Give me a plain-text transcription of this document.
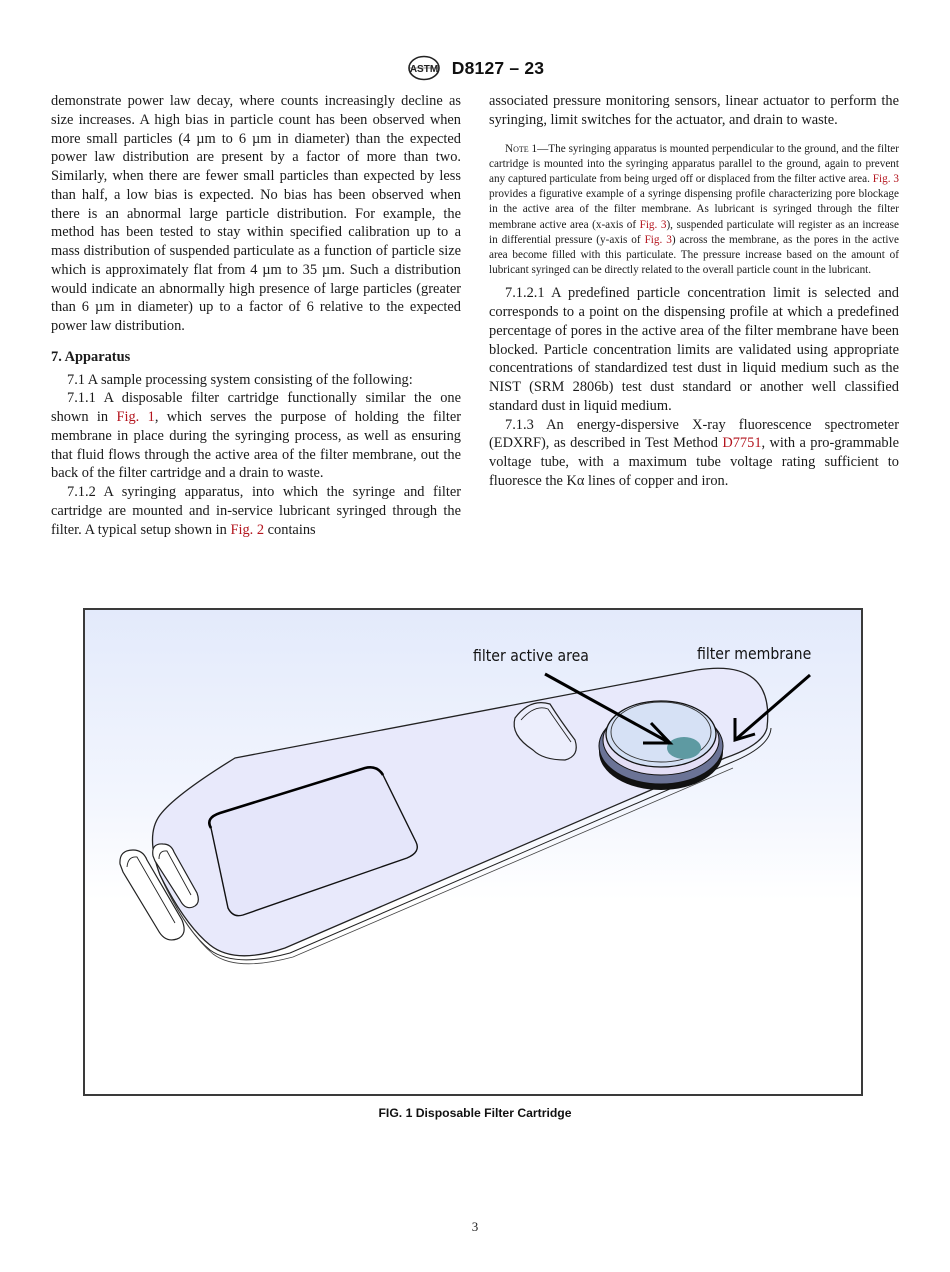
ASTM D8127 – 23

demonstrate power law decay, where counts increasingly decline as size increases. A high bias in particle count has been observed when more small particles (4 µm to 6 µm in diameter) than the expected power law distribution are present by a factor of more than two. Similarly, when there are fewer small particles than expected by less than half, a low bias is expected. No bias has been observed when there is an abnormal large particle distribution. For example, the method has been tested to stay within specified calibration up to a mass distribution of suspended particulate as a function of particle size which is approximately flat from 4 µm to 35 µm. Such a distribution would indicate an abnormally high presence of large particles (greater than 6 µm in diameter) up to a factor of 6 relative to the expected power law distribution.

7. Apparatus

7.1 A sample processing system consisting of the following:

7.1.1 A disposable filter cartridge functionally similar the one shown in Fig. 1, which serves the purpose of holding the filter membrane in place during the syringing process, as well as ensuring that fluid flows through the active area of the filter membrane, out the back of the filter cartridge and a drain to waste.

7.1.2 A syringing apparatus, into which the syringe and filter cartridge are mounted and in-service lubricant syringed through the filter. A typical setup shown in Fig. 2 contains

associated pressure monitoring sensors, linear actuator to perform the syringing, limit switches for the actuator, and drain to waste.

Note 1—The syringing apparatus is mounted perpendicular to the ground, and the filter cartridge is mounted into the syringing apparatus parallel to the ground, again to prevent any captured particulate from being urged off or displaced from the filter active area. Fig. 3 provides a figurative example of a syringe dispensing profile characterizing pore blockage in the active area of the filter membrane. As lubricant is syringed through the filter membrane active area (x-axis of Fig. 3), suspended particulate will register as an increase in differential pressure (y-axis of Fig. 3) across the membrane, as the pores in the active area become filled with this particulate. The pressure increase based on the amount of lubricant syringed can be directly related to the overall particle count in the lubricant.

7.1.2.1 A predefined particle concentration limit is selected and corresponds to a point on the dispensing profile at which a predefined percentage of pores in the active area of the filter membrane have been blocked. Particle concentration limits are validated using appropriate concentrations of standardized test dust in liquid medium such as the NIST (SRM 2806b) test dust standard or another well classified standard dust in liquid medium.

7.1.3 An energy-dispersive X-ray fluorescence spectrometer (EDXRF), as described in Test Method D7751, with a pro-grammable voltage tube, with a maximum tube voltage rating sufficient to fluoresce the Kα lines of copper and iron.

filter active area	filter membrane
FIG. 1 Disposable Filter Cartridge
3
